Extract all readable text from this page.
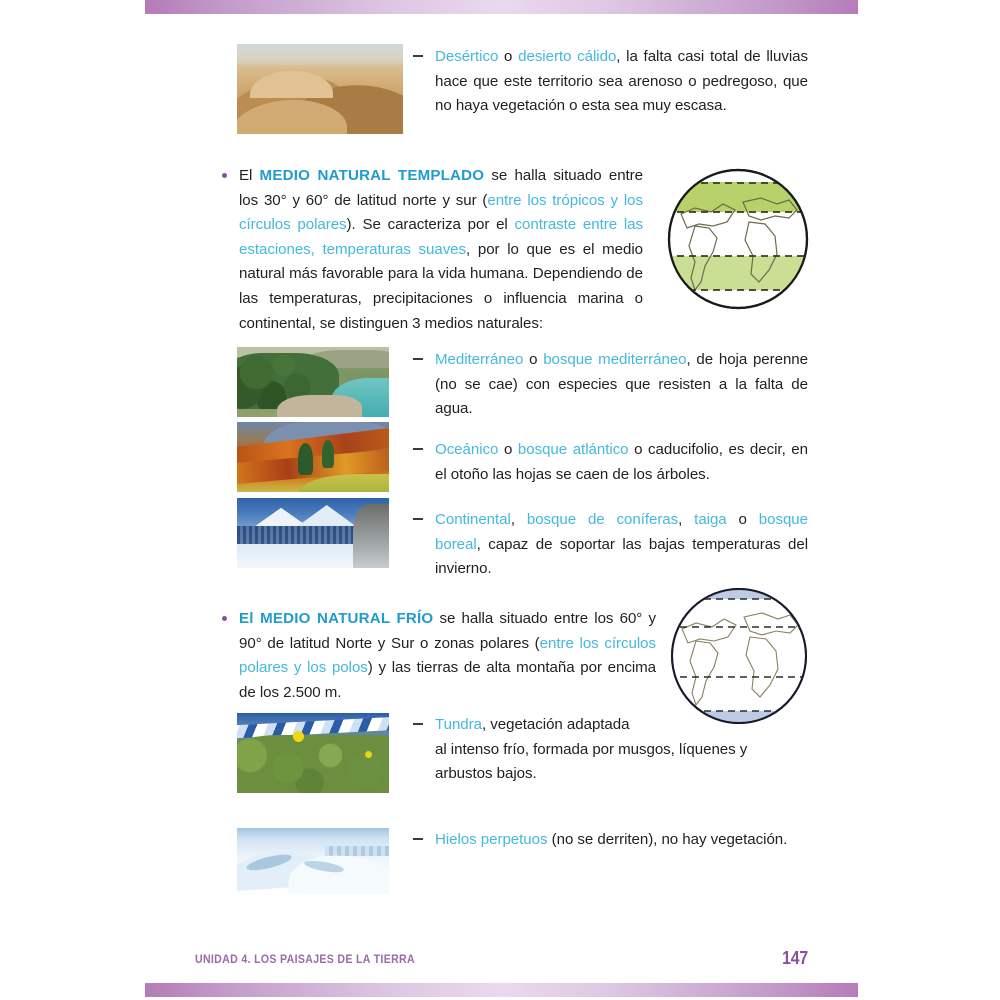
Desértico o desierto cálido, la falta casi total de lluvias hace que este territorio sea arenoso o pedregoso, que no haya vegetación o esta sea muy escasa.

El MEDIO NATURAL TEMPLADO se halla situado entre los 30° y 60° de latitud norte y sur (entre los trópicos y los círculos polares). Se caracteriza por el contraste entre las estaciones, temperaturas suaves, por lo que es el medio natural más favorable para la vida humana. Dependiendo de las temperaturas, precipitaciones o influencia marina o continental, se distinguen 3 medios naturales:

Mediterráneo o bosque mediterráneo, de hoja perenne (no se cae) con especies que resisten a la falta de agua.

Oceánico o bosque atlántico o caducifolio, es decir, en el otoño las hojas se caen de los árboles.

Continental, bosque de coníferas, taiga o bosque boreal, capaz de soportar las bajas temperaturas del invierno.

El MEDIO NATURAL FRÍO se halla situado entre los 60° y 90° de latitud Norte y Sur o zonas polares (entre los círculos polares y los polos) y las tierras de alta montaña por encima de los 2.500 m.

Tundra, vegetación adaptada
al intenso frío, formada por musgos, líquenes y arbustos bajos.

Hielos perpetuos (no se derriten), no hay vegetación.

UNIDAD 4. LOS PAISAJES DE LA TIERRA	147
